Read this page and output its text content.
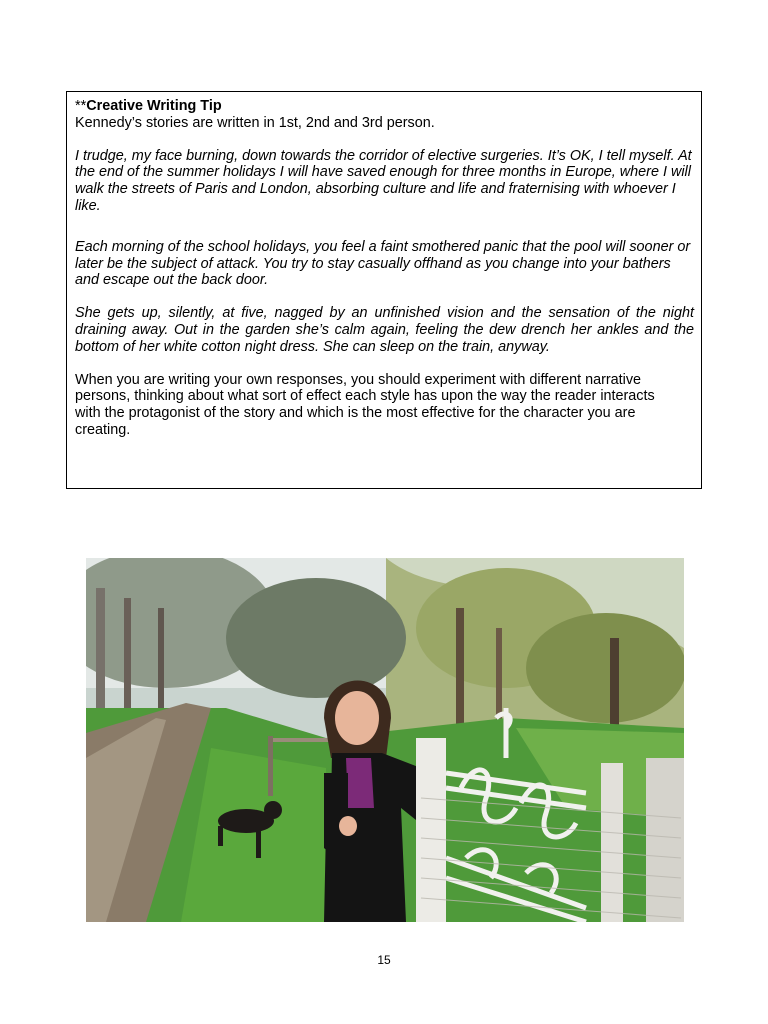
**Creative Writing Tip

Kennedy’s stories are written in 1st, 2nd and 3rd person.

I trudge, my face burning, down towards the corridor of elective surgeries. It’s OK, I tell myself. At the end of the summer holidays I will have saved enough for three months in Europe, where I will walk the streets of Paris and London, absorbing culture and life and fraternising with whoever I like.

Each morning of the school holidays, you feel a faint smothered panic that the pool will sooner or later be the subject of attack. You try to stay casually offhand as you change into your bathers and escape out the back door.

She gets up, silently, at five, nagged by an unfinished vision and the sensation of the night draining away. Out in the garden she’s calm again, feeling the dew drench her ankles and the bottom of her white cotton night dress. She can sleep on the train, anyway.

When you are writing your own responses, you should experiment with different narrative persons, thinking about what sort of effect each style has upon the way the reader interacts with the protagonist of the story and which is the most effective for the character you are creating.

15
